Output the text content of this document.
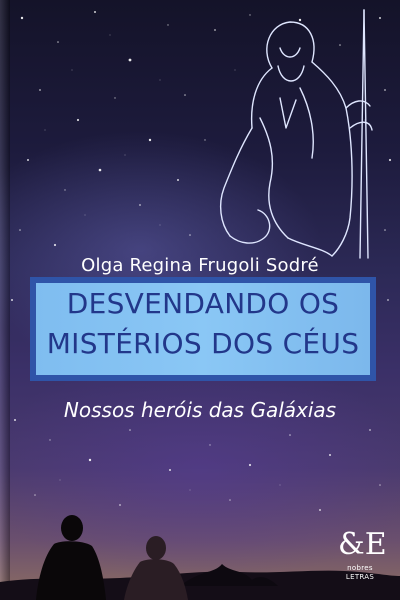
Olga Regina Frugoli Sodré
DESVENDANDO OS
MISTÉRIOS DOS CÉUS
Nossos heróis das Galáxias
&E
nobres
LETRAS
